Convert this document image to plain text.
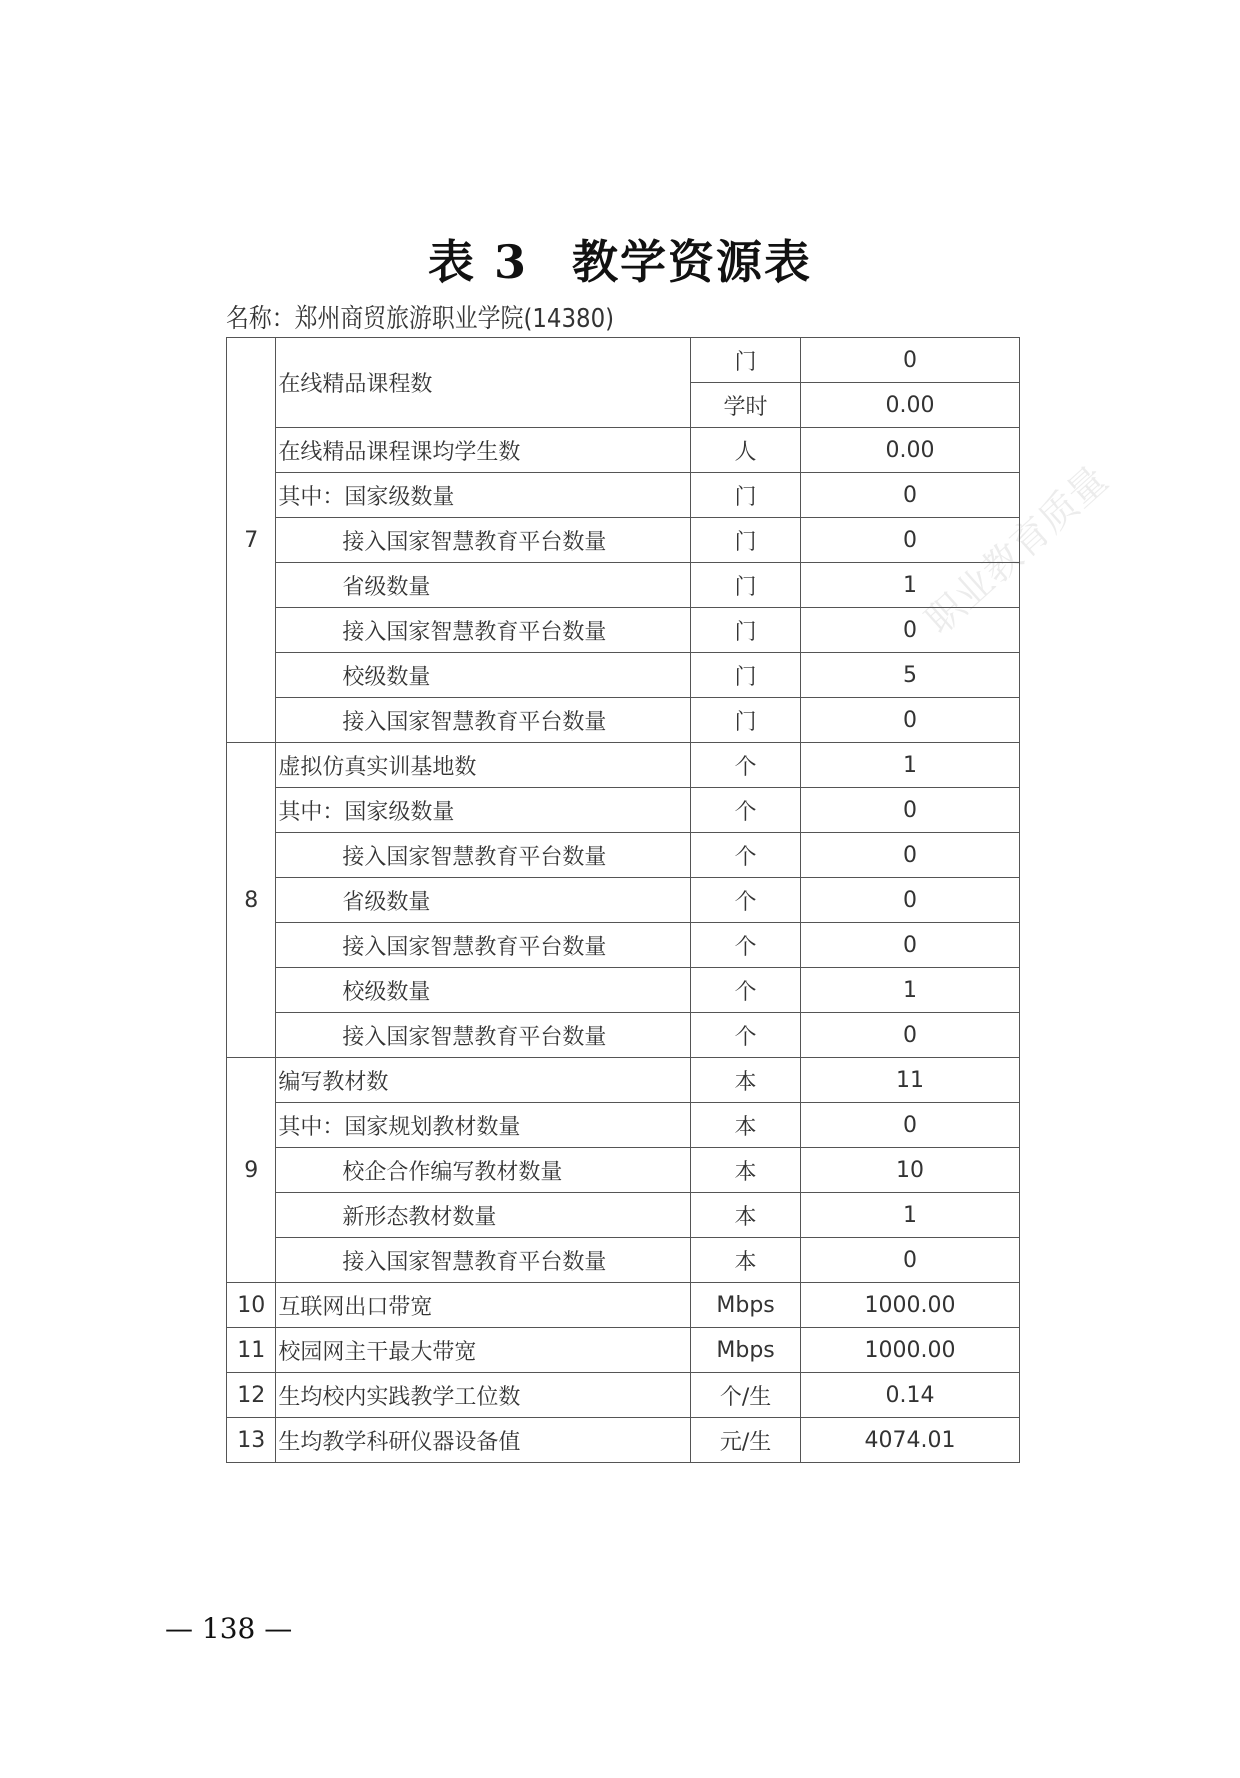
表 3 教学资源表
名称：郑州商贸旅游职业学院(14380)
职业教育质量
7	在线精品课程数	门	0
		学时	0.00
	在线精品课程课均学生数	人	0.00
	其中：国家级数量	门	0
	接入国家智慧教育平台数量	门	0
	省级数量	门	1
	接入国家智慧教育平台数量	门	0
	校级数量	门	5
	接入国家智慧教育平台数量	门	0
8	虚拟仿真实训基地数	个	1
	其中：国家级数量	个	0
	接入国家智慧教育平台数量	个	0
	省级数量	个	0
	接入国家智慧教育平台数量	个	0
	校级数量	个	1
	接入国家智慧教育平台数量	个	0
9	编写教材数	本	11
	其中：国家规划教材数量	本	0
	校企合作编写教材数量	本	10
	新形态教材数量	本	1
	接入国家智慧教育平台数量	本	0
10	互联网出口带宽	Mbps	1000.00
11	校园网主干最大带宽	Mbps	1000.00
12	生均校内实践教学工位数	个/生	0.14
13	生均教学科研仪器设备值	元/生	4074.01
— 138 —
